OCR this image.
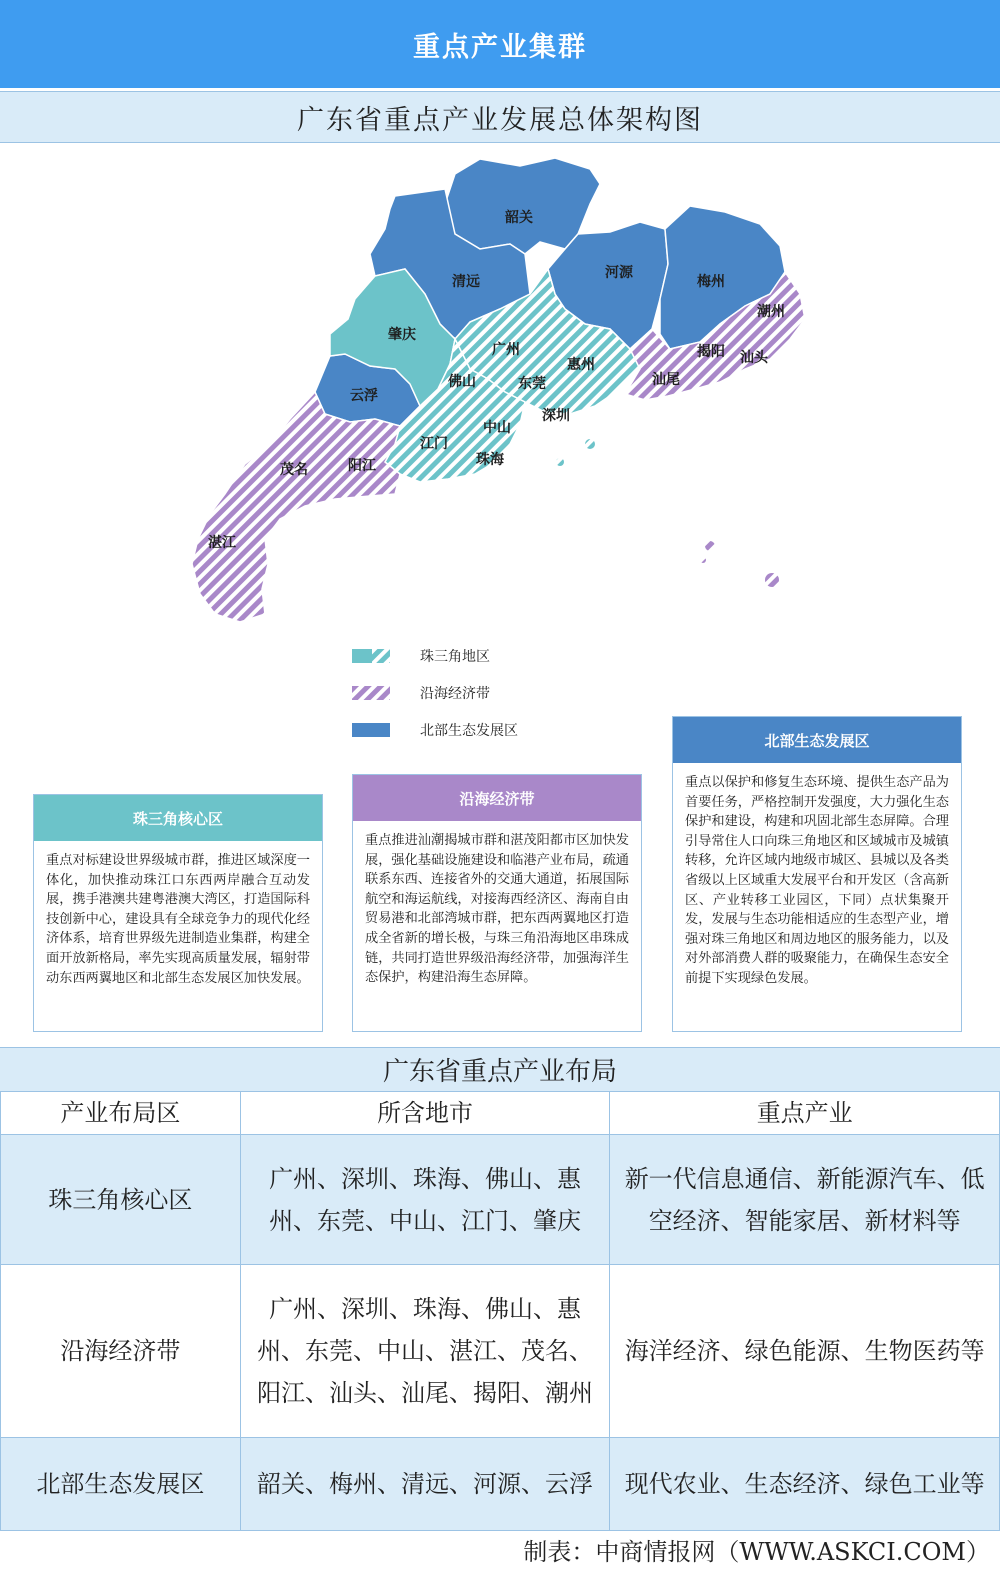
重点产业集群
广东省重点产业发展总体架构图
韶关
清远
河源
梅州
潮州
肇庆
广州
惠州
揭阳 汕头
汕尾
云浮
佛山	东莞
深圳
中山
江门
珠海
茂名	阳江
湛江
珠三角地区
沿海经济带
北部生态发展区
珠三角核心区
重点对标建设世界级城市群，推进区域深度一体化，加快推动珠江口东西两岸融合互动发展，携手港澳共建粤港澳大湾区，打造国际科技创新中心，建设具有全球竞争力的现代化经济体系，培育世界级先进制造业集群，构建全面开放新格局，率先实现高质量发展，辐射带动东西两翼地区和北部生态发展区加快发展。
沿海经济带
重点推进汕潮揭城市群和湛茂阳都市区加快发展，强化基础设施建设和临港产业布局，疏通联系东西、连接省外的交通大通道，拓展国际航空和海运航线，对接海西经济区、海南自由贸易港和北部湾城市群，把东西两翼地区打造成全省新的增长极，与珠三角沿海地区串珠成链，共同打造世界级沿海经济带，加强海洋生态保护，构建沿海生态屏障。
北部生态发展区
重点以保护和修复生态环境、提供生态产品为首要任务，严格控制开发强度，大力强化生态保护和建设，构建和巩固北部生态屏障。合理引导常住人口向珠三角地区和区域城市及城镇转移，允许区域内地级市城区、县城以及各类省级以上区域重大发展平台和开发区（含高新区、产业转移工业园区，下同）点状集聚开发，发展与生态功能相适应的生态型产业，增强对珠三角地区和周边地区的服务能力，以及对外部消费人群的吸聚能力，在确保生态安全前提下实现绿色发展。
广东省重点产业布局
产业布局区	所含地市	重点产业
珠三角核心区	广州、深圳、珠海、佛山、惠州、东莞、中山、江门、肇庆	新一代信息通信、新能源汽车、低空经济、智能家居、新材料等
沿海经济带	广州、深圳、珠海、佛山、惠州、东莞、中山、湛江、茂名、阳江、汕头、汕尾、揭阳、潮州	海洋经济、绿色能源、生物医药等
北部生态发展区	韶关、梅州、清远、河源、云浮	现代农业、生态经济、绿色工业等
制表：中商情报网（WWW.ASKCI.COM）
